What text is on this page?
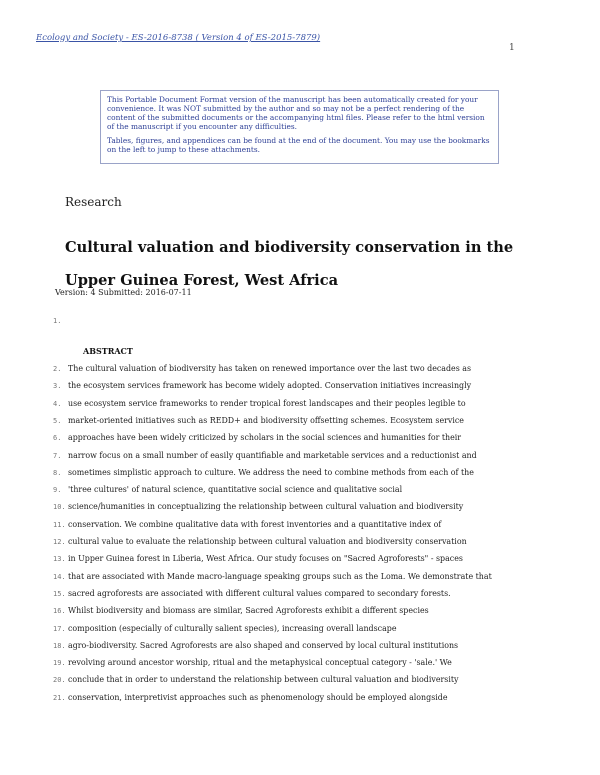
Ecology and Society - ES-2016-8738 ( Version 4 of ES-2015-7879)
1

This Portable Document Format version of the manuscript has been automatically created for your convenience. It was NOT submitted by the author and so may not be a perfect rendering of the content of the submitted documents or the accompanying html files. Please refer to the html version of the manuscript if you encounter any difficulties.

Tables, figures, and appendices can be found at the end of the document. You may use the bookmarks on the left to jump to these attachments.

Research
Cultural valuation and biodiversity conservation in the Upper Guinea Forest, West Africa
Version: 4 Submitted: 2016-07-11
ABSTRACT
1.
2. The cultural valuation of biodiversity has taken on renewed importance over the last two decades as
3. the ecosystem services framework has become widely adopted. Conservation initiatives increasingly
4. use ecosystem service frameworks to render tropical forest landscapes and their peoples legible to
5. market-oriented initiatives such as REDD+ and biodiversity offsetting schemes. Ecosystem service
6. approaches have been widely criticized by scholars in the social sciences and humanities for their
7. narrow focus on a small number of easily quantifiable and marketable services and a reductionist and
8. sometimes simplistic approach to culture. We address the need to combine methods from each of the
9. 'three cultures' of natural science, quantitative social science and qualitative social
10. science/humanities in conceptualizing the relationship between cultural valuation and biodiversity
11. conservation. We combine qualitative data with forest inventories and a quantitative index of
12. cultural value to evaluate the relationship between cultural valuation and biodiversity conservation
13. in Upper Guinea forest in Liberia, West Africa. Our study focuses on "Sacred Agroforests" - spaces
14. that are associated with Mande macro-language speaking groups such as the Loma. We demonstrate that
15. sacred agroforests are associated with different cultural values compared to secondary forests.
16. Whilst biodiversity and biomass are similar, Sacred Agroforests exhibit a different species
17. composition (especially of culturally salient species), increasing overall landscape
18. agro-biodiversity. Sacred Agroforests are also shaped and conserved by local cultural institutions
19. revolving around ancestor worship, ritual and the metaphysical conceptual category - 'sale.' We
20. conclude that in order to understand the relationship between cultural valuation and biodiversity
21. conservation, interpretivist approaches such as phenomenology should be employed alongside
